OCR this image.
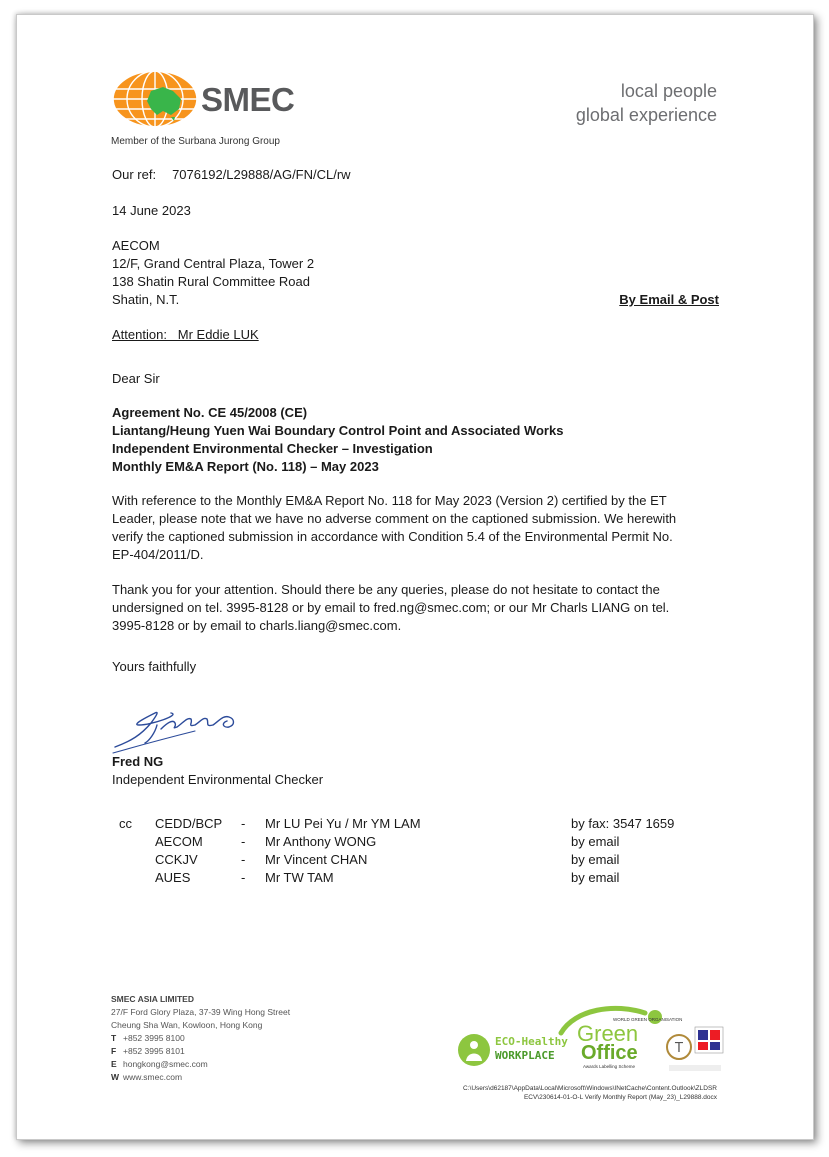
SMEC
Member of the Surbana Jurong Group
local people
global experience
Our ref: 7076192/L29888/AG/FN/CL/rw
14 June 2023
AECOM
12/F, Grand Central Plaza, Tower 2
138 Shatin Rural Committee Road
Shatin, N.T.	By Email & Post
Attention:   Mr Eddie LUK
Dear Sir
Agreement No. CE 45/2008 (CE)
Liantang/Heung Yuen Wai Boundary Control Point and Associated Works
Independent Environmental Checker – Investigation
Monthly EM&A Report (No. 118) – May 2023
With reference to the Monthly EM&A Report No. 118 for May 2023 (Version 2) certified by the ET
Leader, please note that we have no adverse comment on the captioned submission. We herewith
verify the captioned submission in accordance with Condition 5.4 of the Environmental Permit No.
EP-404/2011/D.
Thank you for your attention. Should there be any queries, please do not hesitate to contact the
undersigned on tel. 3995-8128 or by email to fred.ng@smec.com; or our Mr Charls LIANG on tel.
3995-8128 or by email to charls.liang@smec.com.
Yours faithfully
Fred NG
Independent Environmental Checker
cc CEDD/BCP - Mr LU Pei Yu / Mr YM LAM	by fax: 3547 1659
AECOM	- Mr Anthony WONG	by email
CCKJV	- Mr Vincent CHAN	by email
AUES	- Mr TW TAM	by email
SMEC ASIA LIMITED
27/F Ford Glory Plaza, 37-39 Wing Hong Street
Cheung Sha Wan, Kowloon, Hong Kong
T +852 3995 8100
F +852 3995 8101
E hongkong@smec.com
W www.smec.com
ECO-Healthy
WORKPLACE
WORLD GREEN ORGANISATION
Green
Office
Awards Labelling Scheme
T
C:\Users\d62187\AppData\Local\Microsoft\Windows\INetCache\Content.Outlook\ZLDSR
ECV\230614-01-O-L Verify Monthly Report (May_23)_L29888.docx
